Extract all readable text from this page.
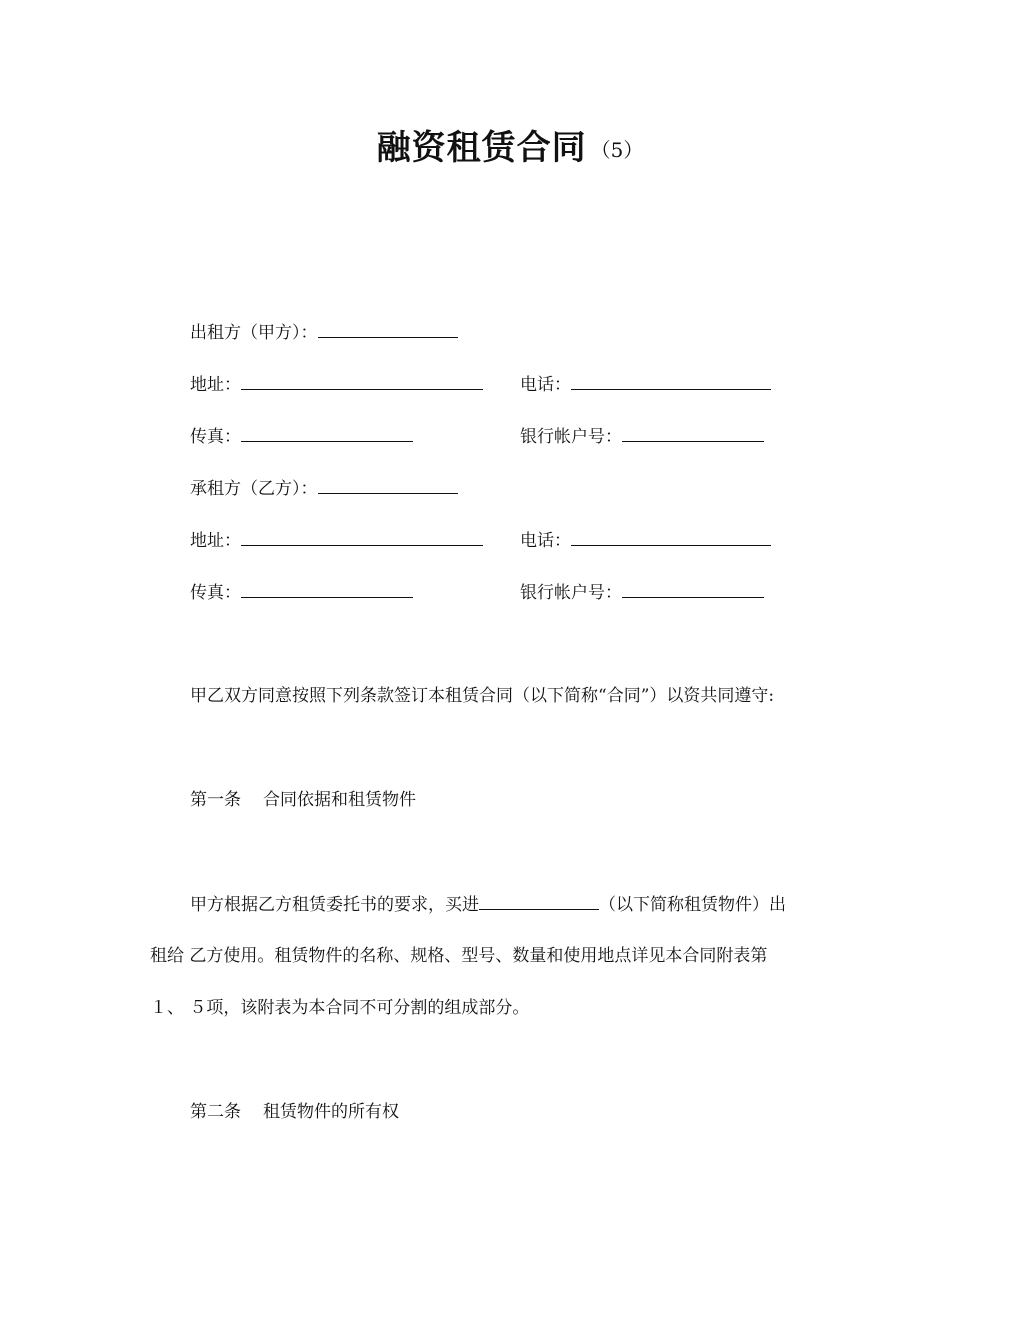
融资租赁合同 （5）
出租方（甲方）：
地址：	电话：
传真：	银行帐户号：
承租方（乙方）：
地址：	电话：
传真：	银行帐户号：
甲乙双方同意按照下列条款签订本租赁合同（以下简称“合同”）以资共同遵守:
第一条 合同依据和租赁物件
甲方根据乙方租赁委托书的要求，买进	（以下简称租赁物件）出
租给 乙方使用。租赁物件的名称、规格、型号、数量和使用地点详见本合同附表第
１、 ５项，该附表为本合同不可分割的组成部分。
第二条 租赁物件的所有权
